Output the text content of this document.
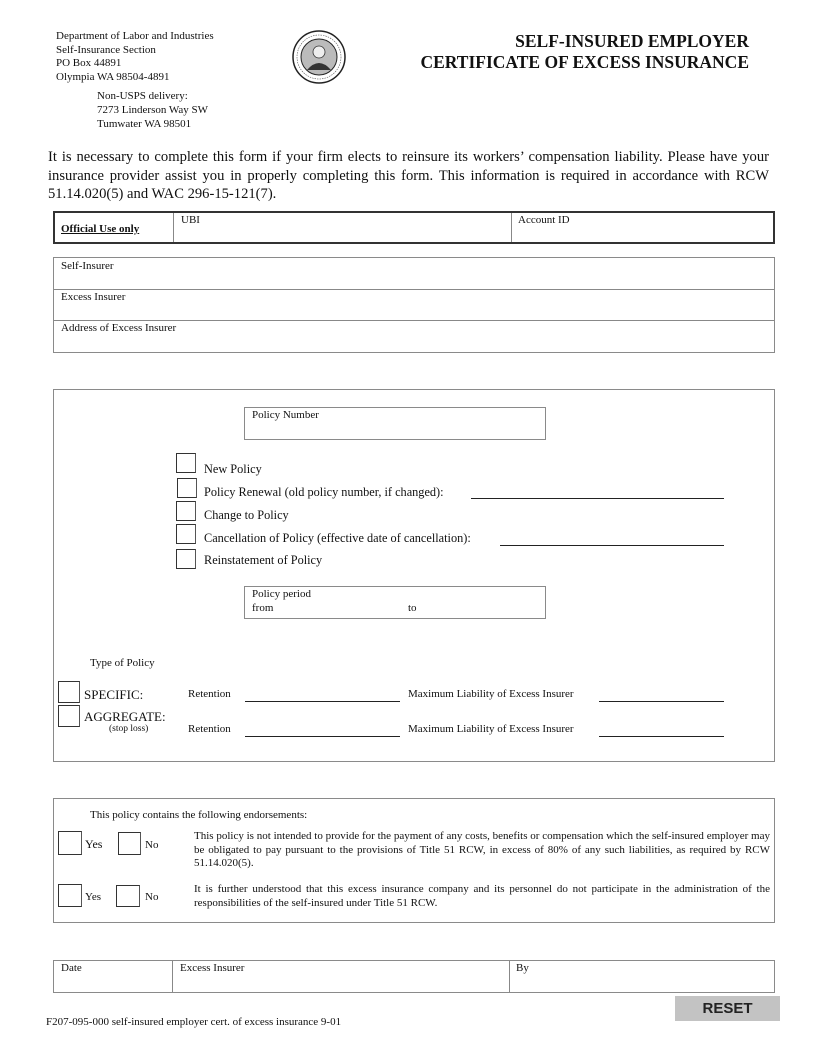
Department of Labor and Industries
Self-Insurance Section
PO Box 44891
Olympia WA 98504-4891
Non-USPS delivery:
7273 Linderson Way SW
Tumwater WA 98501
SELF-INSURED EMPLOYER
CERTIFICATE OF EXCESS INSURANCE
It is necessary to complete this form if your firm elects to reinsure its workers’ compensation liability. Please have your insurance provider assist you in properly completing this form. This information is required in accordance with RCW 51.14.020(5) and WAC 296-15-121(7).
Official Use only
UBI	Account ID
Self-Insurer
Excess Insurer
Address of Excess Insurer
Policy Number
New Policy
Policy Renewal (old policy number, if changed):
Change to Policy
Cancellation of Policy (effective date of cancellation):
Reinstatement of Policy
Policy period
from	to
Type of Policy
SPECIFIC:	Retention	Maximum Liability of Excess Insurer
AGGREGATE:
(stop loss)	Retention	Maximum Liability of Excess Insurer
This policy contains the following endorsements:
Yes	No
This policy is not intended to provide for the payment of any costs, benefits or compensation which the self-insured employer may be obligated to pay pursuant to the provisions of Title 51 RCW, in excess of 80% of any such liabilities, as required by RCW 51.14.020(5).
Yes	No
It is further understood that this excess insurance company and its personnel do not participate in the administration of the responsibilities of the self-insured under Title 51 RCW.
Date	Excess Insurer	By
RESET
F207-095-000 self-insured employer cert. of excess insurance 9-01
